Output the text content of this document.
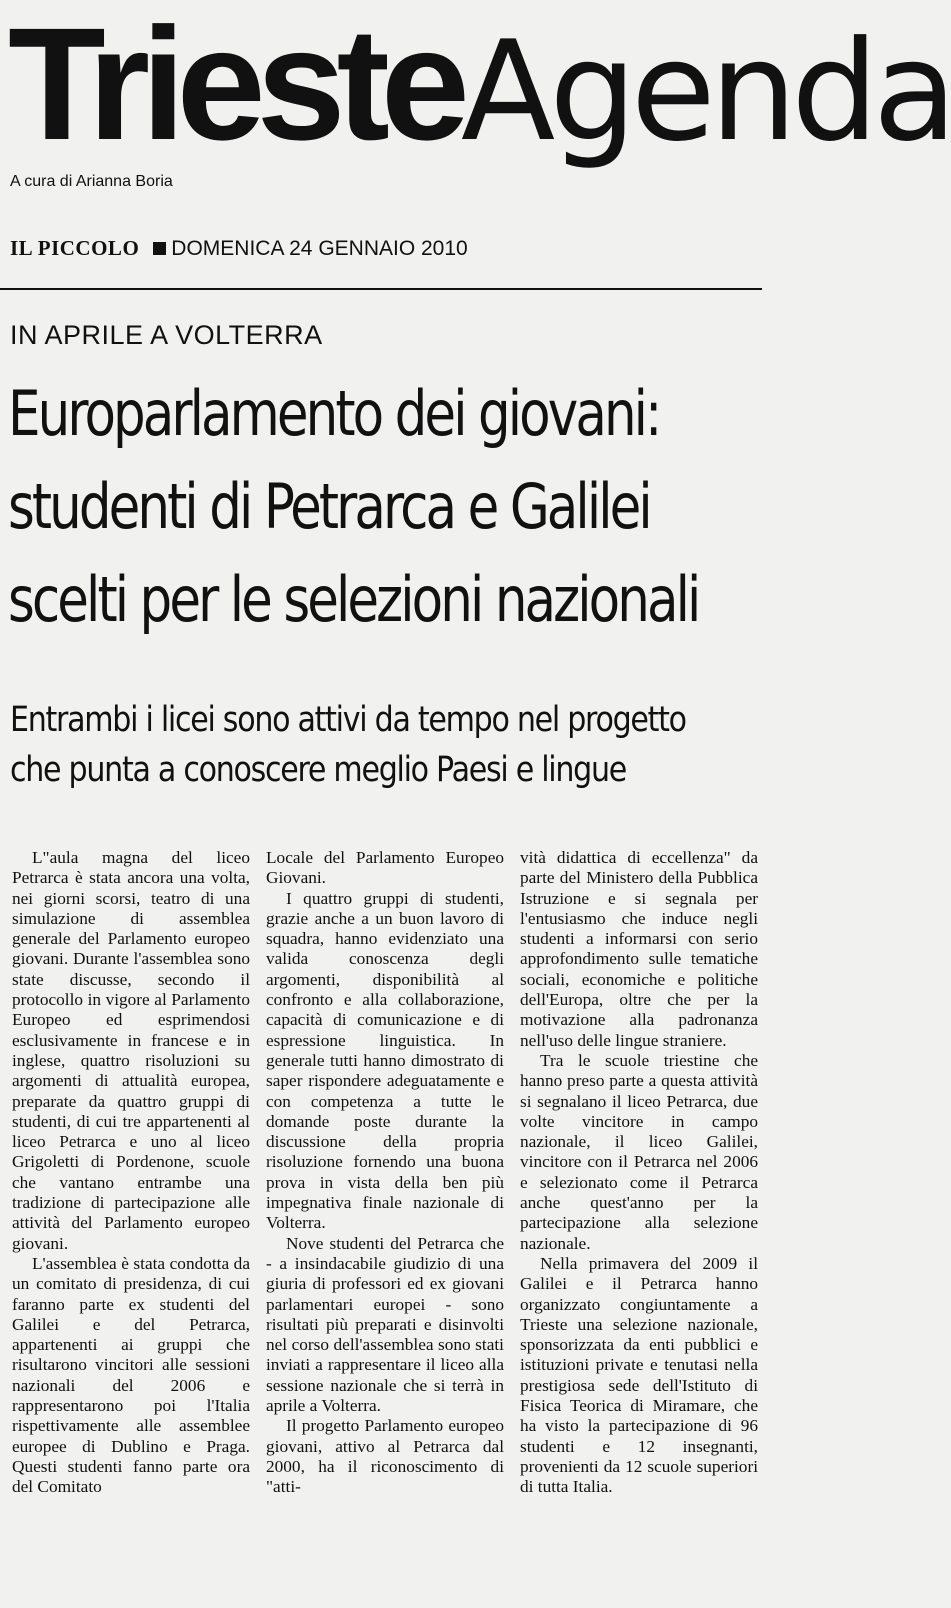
TriesteAgenda
A cura di Arianna Boria
IL PICCOLO DOMENICA 24 GENNAIO 2010
IN APRILE A VOLTERRA
Europarlamento dei giovani:
studenti di Petrarca e Galilei
scelti per le selezioni nazionali
Entrambi i licei sono attivi da tempo nel progetto
che punta a conoscere meglio Paesi e lingue

L"aula magna del liceo Petrarca è stata ancora una volta, nei giorni scorsi, teatro di una simulazione di assemblea generale del Parlamento europeo giovani. Durante l'assemblea sono state discusse, secondo il protocollo in vigore al Parlamento Europeo ed esprimendosi esclusivamente in francese e in inglese, quattro risoluzioni su argomenti di attualità europea, preparate da quattro gruppi di studenti, di cui tre appartenenti al liceo Petrarca e uno al liceo Grigoletti di Pordenone, scuole che vantano entrambe una tradizione di partecipazione alle attività del Parlamento europeo giovani.

L'assemblea è stata condotta da un comitato di presidenza, di cui faranno parte ex studenti del Galilei e del Petrarca, appartenenti ai gruppi che risultarono vincitori alle sessioni nazionali del 2006 e rappresentarono poi l'Italia rispettivamente alle assemblee europee di Dublino e Praga. Questi studenti fanno parte ora del Comitato

Locale del Parlamento Europeo Giovani.

I quattro gruppi di studenti, grazie anche a un buon lavoro di squadra, hanno evidenziato una valida conoscenza degli argomenti, disponibilità al confronto e alla collaborazione, capacità di comunicazione e di espressione linguistica. In generale tutti hanno dimostrato di saper rispondere adeguatamente e con competenza a tutte le domande poste durante la discussione della propria risoluzione fornendo una buona prova in vista della ben più impegnativa finale nazionale di Volterra.

Nove studenti del Petrarca che - a insindacabile giudizio di una giuria di professori ed ex giovani parlamentari europei - sono risultati più preparati e disinvolti nel corso dell'assemblea sono stati inviati a rappresentare il liceo alla sessione nazionale che si terrà in aprile a Volterra.

Il progetto Parlamento europeo giovani, attivo al Petrarca dal 2000, ha il riconoscimento di "atti-

vità didattica di eccellenza" da parte del Ministero della Pubblica Istruzione e si segnala per l'entusiasmo che induce negli studenti a informarsi con serio approfondimento sulle tematiche sociali, economiche e politiche dell'Europa, oltre che per la motivazione alla padronanza nell'uso delle lingue straniere.

Tra le scuole triestine che hanno preso parte a questa attività si segnalano il liceo Petrarca, due volte vincitore in campo nazionale, il liceo Galilei, vincitore con il Petrarca nel 2006 e selezionato come il Petrarca anche quest'anno per la partecipazione alla selezione nazionale.

Nella primavera del 2009 il Galilei e il Petrarca hanno organizzato congiuntamente a Trieste una selezione nazionale, sponsorizzata da enti pubblici e istituzioni private e tenutasi nella prestigiosa sede dell'Istituto di Fisica Teorica di Miramare, che ha visto la partecipazione di 96 studenti e 12 insegnanti, provenienti da 12 scuole superiori di tutta Italia.
